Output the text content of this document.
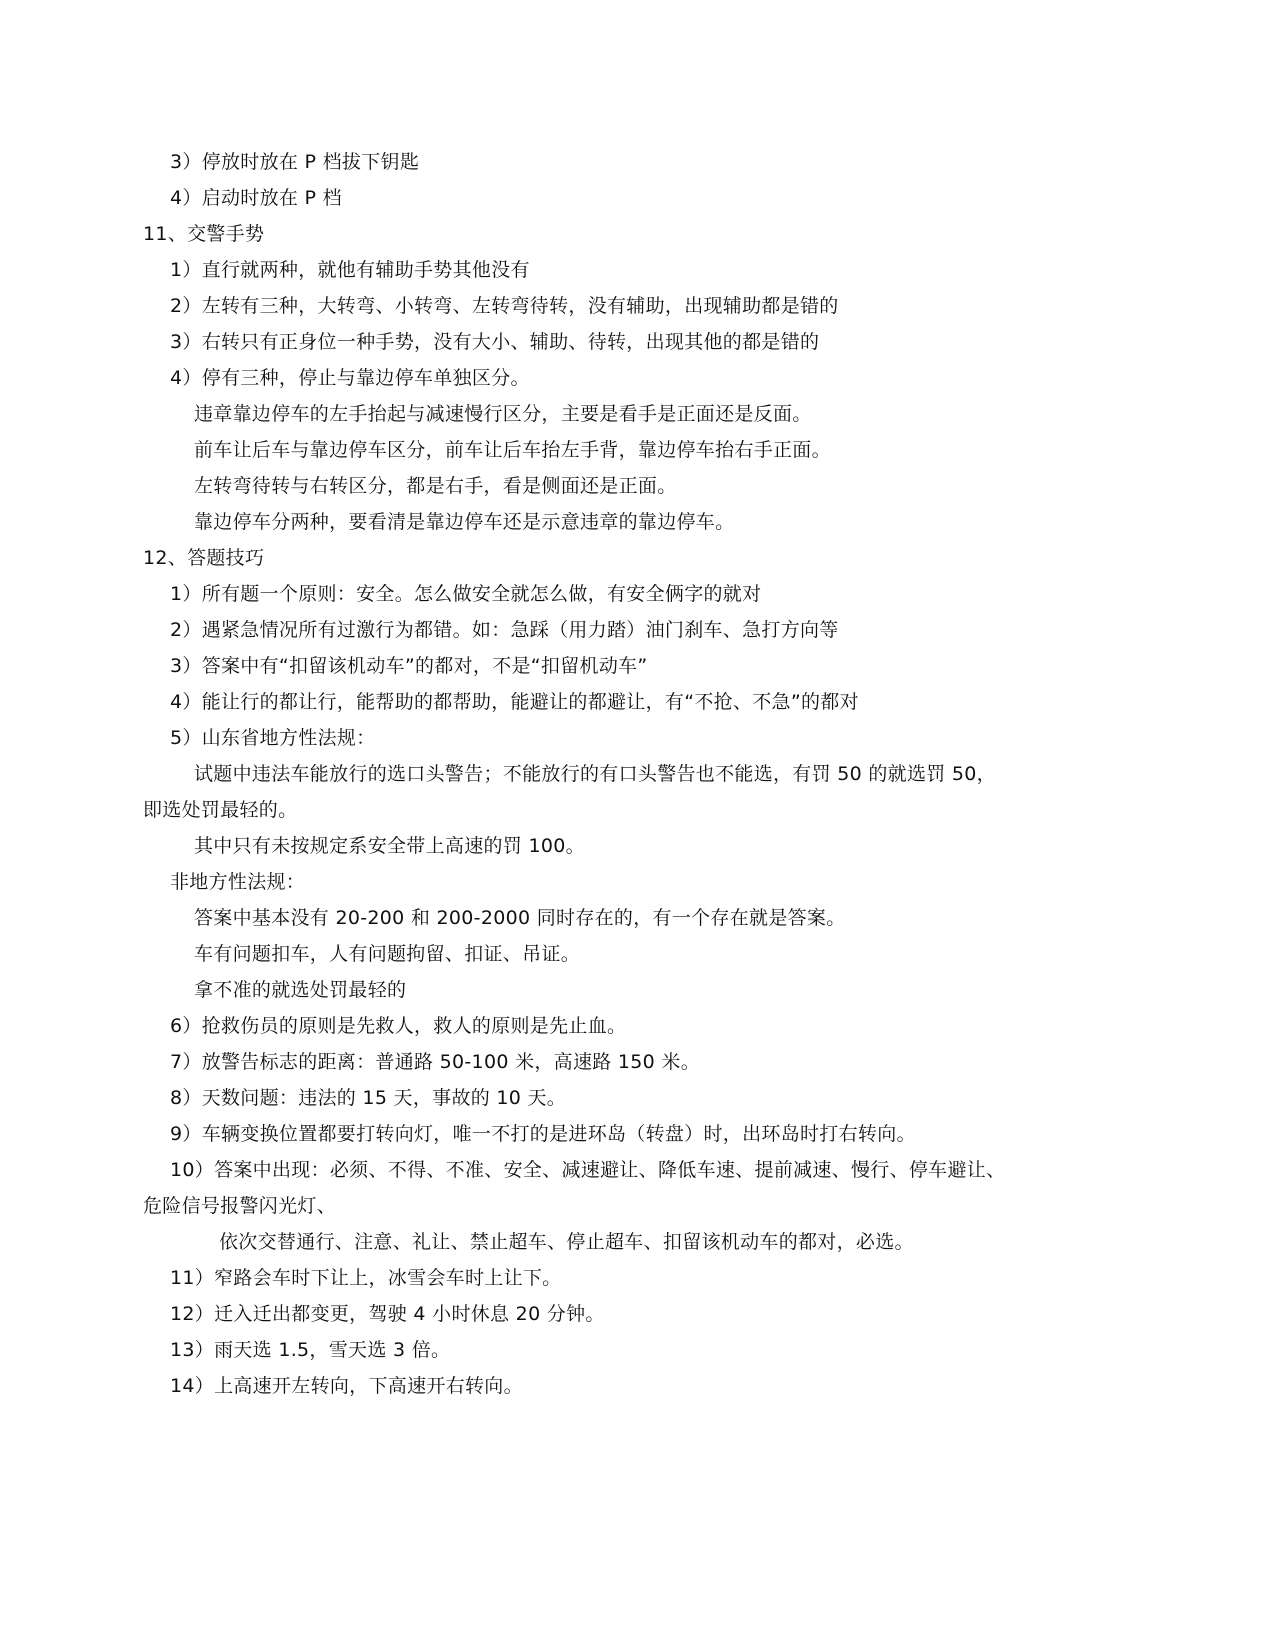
3）停放时放在 P 档拔下钥匙
4）启动时放在 P 档
11、交警手势
1）直行就两种，就他有辅助手势其他没有
2）左转有三种，大转弯、小转弯、左转弯待转，没有辅助，出现辅助都是错的
3）右转只有正身位一种手势，没有大小、辅助、待转，出现其他的都是错的
4）停有三种，停止与靠边停车单独区分。
违章靠边停车的左手抬起与减速慢行区分，主要是看手是正面还是反面。
前车让后车与靠边停车区分，前车让后车抬左手背，靠边停车抬右手正面。
左转弯待转与右转区分，都是右手，看是侧面还是正面。
靠边停车分两种，要看清是靠边停车还是示意违章的靠边停车。
12、答题技巧
1）所有题一个原则：安全。怎么做安全就怎么做，有安全俩字的就对
2）遇紧急情况所有过激行为都错。如：急踩（用力踏）油门刹车、急打方向等
3）答案中有“扣留该机动车”的都对，不是“扣留机动车”
4）能让行的都让行，能帮助的都帮助，能避让的都避让，有“不抢、不急”的都对
5）山东省地方性法规：
试题中违法车能放行的选口头警告；不能放行的有口头警告也不能选，有罚 50 的就选罚 50，
即选处罚最轻的。
其中只有未按规定系安全带上高速的罚 100。
非地方性法规：
答案中基本没有 20-200 和 200-2000 同时存在的，有一个存在就是答案。
车有问题扣车，人有问题拘留、扣证、吊证。
拿不准的就选处罚最轻的
6）抢救伤员的原则是先救人，救人的原则是先止血。
7）放警告标志的距离：普通路 50-100 米，高速路 150 米。
8）天数问题：违法的 15 天，事故的 10 天。
9）车辆变换位置都要打转向灯，唯一不打的是进环岛（转盘）时，出环岛时打右转向。
10）答案中出现：必须、不得、不准、安全、减速避让、降低车速、提前减速、慢行、停车避让、
危险信号报警闪光灯、
依次交替通行、注意、礼让、禁止超车、停止超车、扣留该机动车的都对，必选。
11）窄路会车时下让上，冰雪会车时上让下。
12）迁入迁出都变更，驾驶 4 小时休息 20 分钟。
13）雨天选 1.5，雪天选 3 倍。
14）上高速开左转向，下高速开右转向。
